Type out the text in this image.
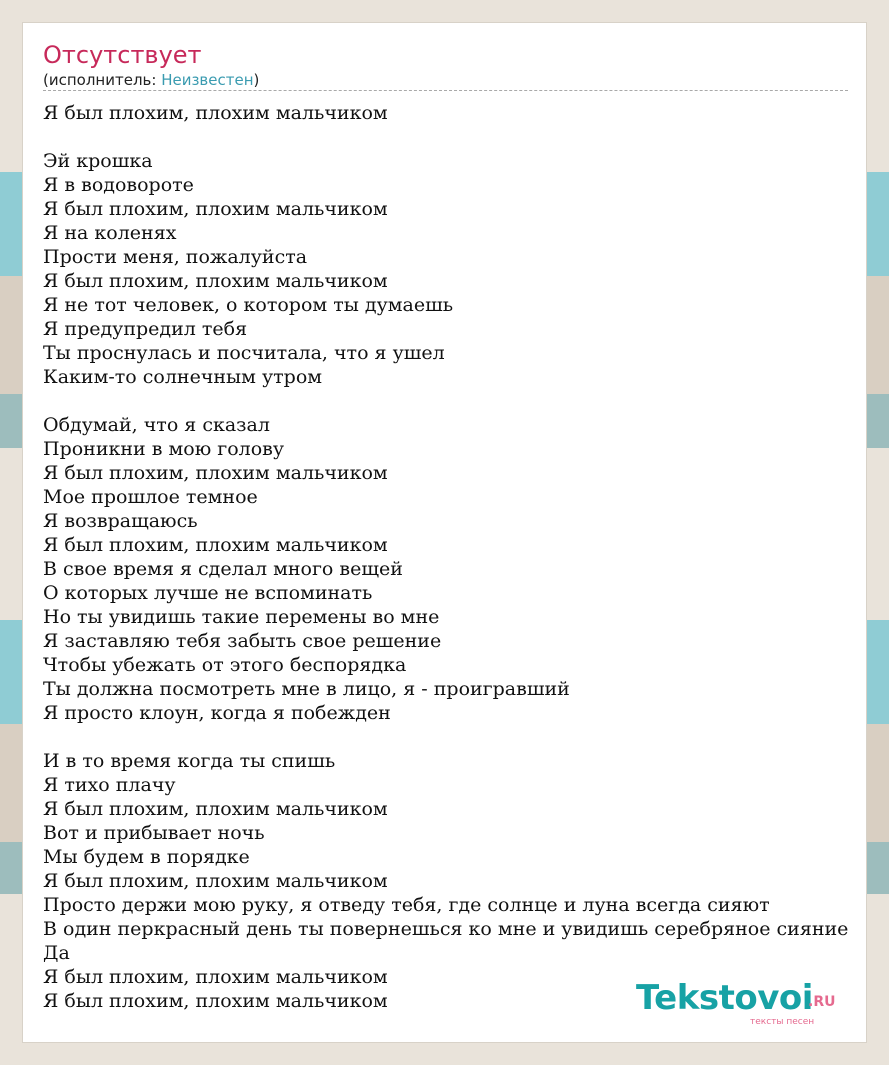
Отсутствует
(исполнитель: Неизвестен)
Я был плохим, плохим мальчиком
Эй крошка
Я в водовороте
Я был плохим, плохим мальчиком
Я на коленях
Прости меня, пожалуйста
Я был плохим, плохим мальчиком
Я не тот человек, о котором ты думаешь
Я предупредил тебя
Ты проснулась и посчитала, что я ушел
Каким-то солнечным утром
Обдумай, что я сказал
Проникни в мою голову
Я был плохим, плохим мальчиком
Мое прошлое темное
Я возвращаюсь
Я был плохим, плохим мальчиком
В свое время я сделал много вещей
О которых лучше не вспоминать
Но ты увидишь такие перемены во мне
Я заставляю тебя забыть свое решение
Чтобы убежать от этого беспорядка
Ты должна посмотреть мне в лицо, я - проигравший
Я просто клоун, когда я побежден
И в то время когда ты спишь
Я тихо плачу
Я был плохим, плохим мальчиком
Вот и прибывает ночь
Мы будем в порядке
Я был плохим, плохим мальчиком
Просто держи мою руку, я отведу тебя, где солнце и луна всегда сияют
В один перкрасный день ты повернешься ко мне и увидишь серебряное сияние
Да
Я был плохим, плохим мальчиком
Я был плохим, плохим мальчиком	Tekstovoi
.RU
тексты песен
